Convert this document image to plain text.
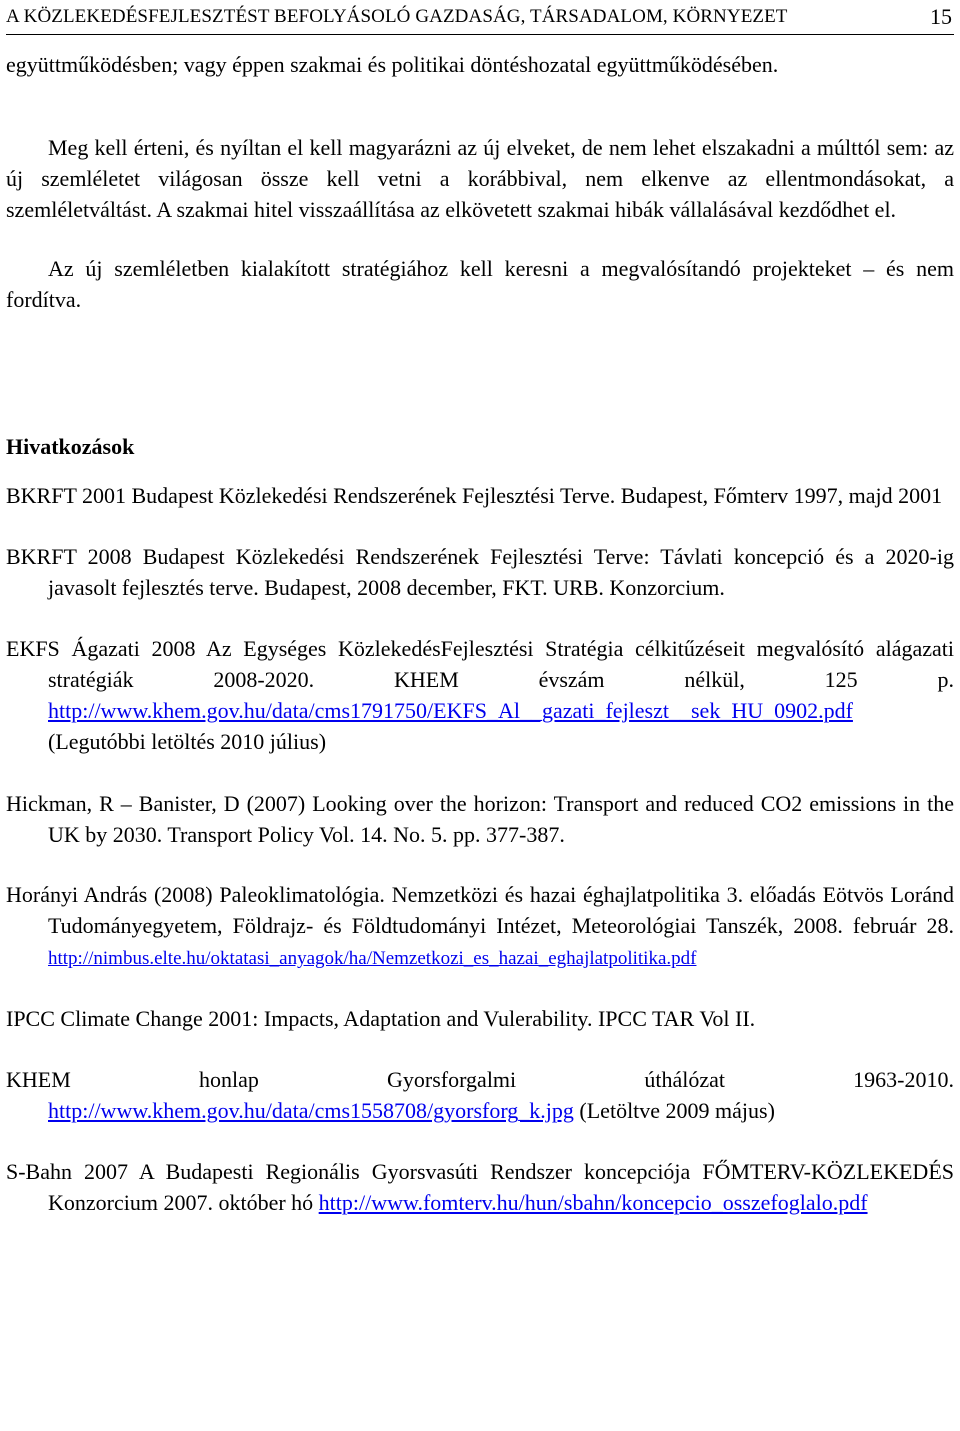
A KÖZLEKEDÉSFEJLESZTÉST BEFOLYÁSOLÓ GAZDASÁG, TÁRSADALOM, KÖRNYEZET	15

együttműködésben; vagy éppen szakmai és politikai döntéshozatal együttműködésében.

Meg kell érteni, és nyíltan el kell magyarázni az új elveket, de nem lehet elszakadni a múlttól sem: az új szemléletet világosan össze kell vetni a korábbival, nem elkenve az ellentmondásokat, a szemléletváltást. A szakmai hitel visszaállítása az elkövetett szakmai hibák vállalásával kezdődhet el.

Az új szemléletben kialakított stratégiához kell keresni a megvalósítandó projekteket – és nem fordítva.

Hivatkozások

BKRFT 2001 Budapest Közlekedési Rendszerének Fejlesztési Terve. Budapest, Főmterv 1997, majd 2001

BKRFT 2008 Budapest Közlekedési Rendszerének Fejlesztési Terve: Távlati koncepció és a 2020-ig javasolt fejlesztés terve. Budapest, 2008 december, FKT. URB. Konzorcium.

EKFS Ágazati 2008 Az Egységes KözlekedésFejlesztési Stratégia célkitűzéseit megvalósító alágazati stratégiák 2008-2020. KHEM évszám nélkül, 125 p. http://www.khem.gov.hu/data/cms1791750/EKFS_Al__gazati_fejleszt__sek_HU_0902.pdf (Legutóbbi letöltés 2010 július)

Hickman, R – Banister, D (2007) Looking over the horizon: Transport and reduced CO2 emissions in the UK by 2030. Transport Policy Vol. 14. No. 5. pp. 377-387.

Horányi András (2008) Paleoklimatológia. Nemzetközi és hazai éghajlatpolitika 3. előadás Eötvös Loránd Tudományegyetem, Földrajz- és Földtudományi Intézet, Meteorológiai Tanszék, 2008. február 28. http://nimbus.elte.hu/oktatasi_anyagok/ha/Nemzetkozi_es_hazai_eghajlatpolitika.pdf

IPCC Climate Change 2001: Impacts, Adaptation and Vulerability. IPCC TAR Vol II.

KHEM honlap Gyorsforgalmi úthálózat 1963-2010. http://www.khem.gov.hu/data/cms1558708/gyorsforg_k.jpg (Letöltve 2009 május)

S-Bahn 2007 A Budapesti Regionális Gyorsvasúti Rendszer koncepciója FŐMTERV-KÖZLEKEDÉS Konzorcium 2007. október hó http://www.fomterv.hu/hun/sbahn/koncepcio_osszefoglalo.pdf
